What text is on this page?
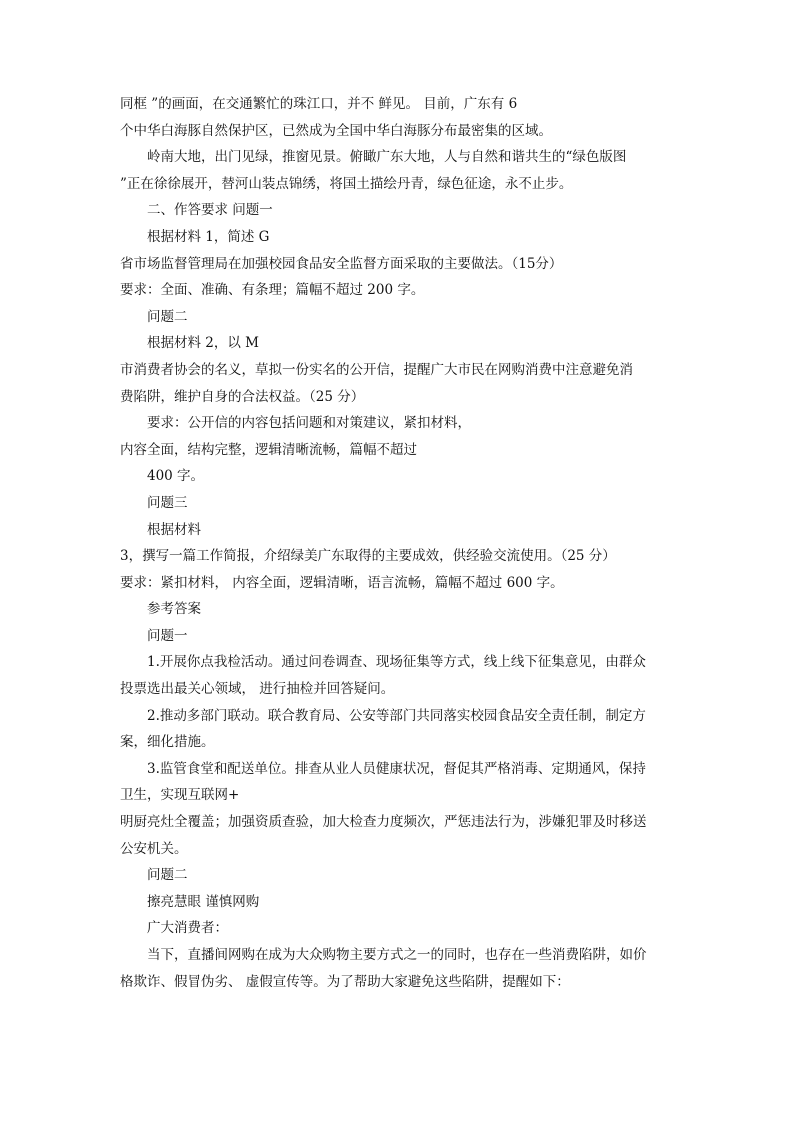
同框 ”的画面，在交通繁忙的珠江口，并不 鲜见。 目前，广东有 6
个中华白海豚自然保护区，已然成为全国中华白海豚分布最密集的区域。
岭南大地，出门见绿，推窗见景。俯瞰广东大地，人与自然和谐共生的“绿色版图
”正在徐徐展开，替河山装点锦绣，将国土描绘丹青，绿色征途，永不止步。
二、作答要求 问题一
根据材料 1，简述 G
省市场监督管理局在加强校园食品安全监督方面采取的主要做法。（15分）
要求：全面、准确、有条理；篇幅不超过 200 字。
问题二
根据材料 2，以 M
市消费者协会的名义，草拟一份实名的公开信，提醒广大市民在网购消费中注意避免消
费陷阱，维护自身的合法权益。（25 分）
要求：公开信的内容包括问题和对策建议，紧扣材料，
内容全面，结构完整，逻辑清晰流畅，篇幅不超过
400 字。
问题三
根据材料
3，撰写一篇工作简报，介绍绿美广东取得的主要成效，供经验交流使用。（25 分）
要求：紧扣材料， 内容全面，逻辑清晰，语言流畅，篇幅不超过 600 字。
参考答案
问题一
1.开展你点我检活动。通过问卷调查、现场征集等方式，线上线下征集意见，由群众
投票选出最关心领域， 进行抽检并回答疑问。
2.推动多部门联动。联合教育局、公安等部门共同落实校园食品安全责任制，制定方
案，细化措施。
3.监管食堂和配送单位。排查从业人员健康状况，督促其严格消毒、定期通风，保持
卫生，实现互联网+
明厨亮灶全覆盖；加强资质查验，加大检查力度频次，严惩违法行为，涉嫌犯罪及时移送
公安机关。
问题二
擦亮慧眼 谨慎网购
广大消费者：
当下，直播间网购在成为大众购物主要方式之一的同时，也存在一些消费陷阱，如价
格欺诈、假冒伪劣、 虚假宣传等。为了帮助大家避免这些陷阱，提醒如下：
